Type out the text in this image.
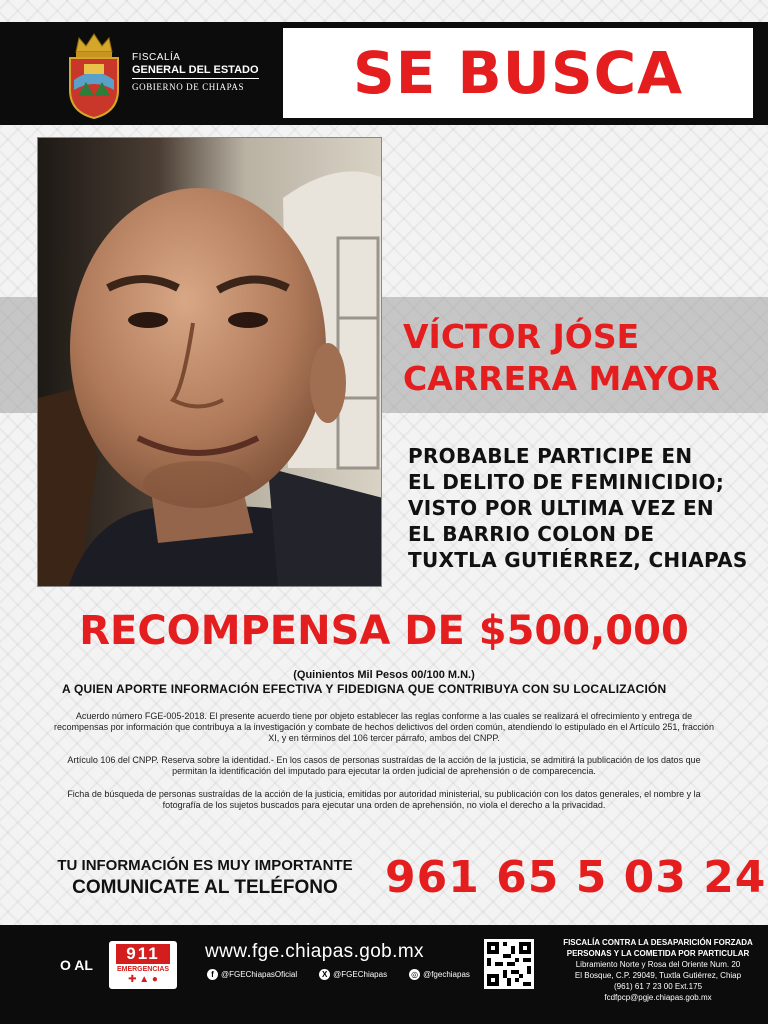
FISCALÍA
GENERAL DEL ESTADO
GOBIERNO DE CHIAPAS	SE BUSCA
VÍCTOR JÓSE
CARRERA MAYOR
PROBABLE PARTICIPE EN
EL DELITO DE FEMINICIDIO;
VISTO POR ULTIMA VEZ EN
EL BARRIO COLON DE
TUXTLA GUTIÉRREZ, CHIAPAS
RECOMPENSA DE $500,000
(Quinientos Mil Pesos 00/100 M.N.)
A QUIEN APORTE INFORMACIÓN EFECTIVA Y FIDEDIGNA QUE CONTRIBUYA CON SU LOCALIZACIÓN
Acuerdo número FGE-005-2018. El presente acuerdo tiene por objeto establecer las reglas conforme a las cuales se realizará el ofrecimiento y entrega de recompensas por información que contribuya a la investigación y combate de hechos delictivos del orden común, atendiendo lo estipulado en el Artículo 251, fracción XI, y en términos del 106 tercer párrafo, ambos del CNPP.
Artículo 106 del CNPP. Reserva sobre la identidad.- En los casos de personas sustraídas de la acción de la justicia, se admitirá la publicación de los datos que permitan la identificación del imputado para ejecutar la orden judicial de aprehensión o de comparecencia.
Ficha de búsqueda de personas sustraídas de la acción de la justicia, emitidas por autoridad ministerial, su publicación con los datos generales, el nombre y la fotografía de los sujetos buscados para ejecutar una orden de aprehensión, no viola el derecho a la privacidad.
TU INFORMACIÓN ES MUY IMPORTANTE
COMUNICATE AL TELÉFONO	961 65 5 03 24
O AL
911
EMERGENCIAS
✚ ▲ ●
www.fge.chiapas.gob.mx
f @FGEChiapasOficial	X @FGEChiapas	◎ @fgechiapas
FISCALÍA CONTRA LA DESAPARICIÓN FORZADA
PERSONAS Y LA COMETIDA POR PARTICULAR
Libramiento Norte y Rosa del Oriente Num. 20
El Bosque, C.P. 29049, Tuxtla Gutiérrez, Chiap
(961) 61 7 23 00 Ext.175
fcdfpcp@pgje.chiapas.gob.mx
